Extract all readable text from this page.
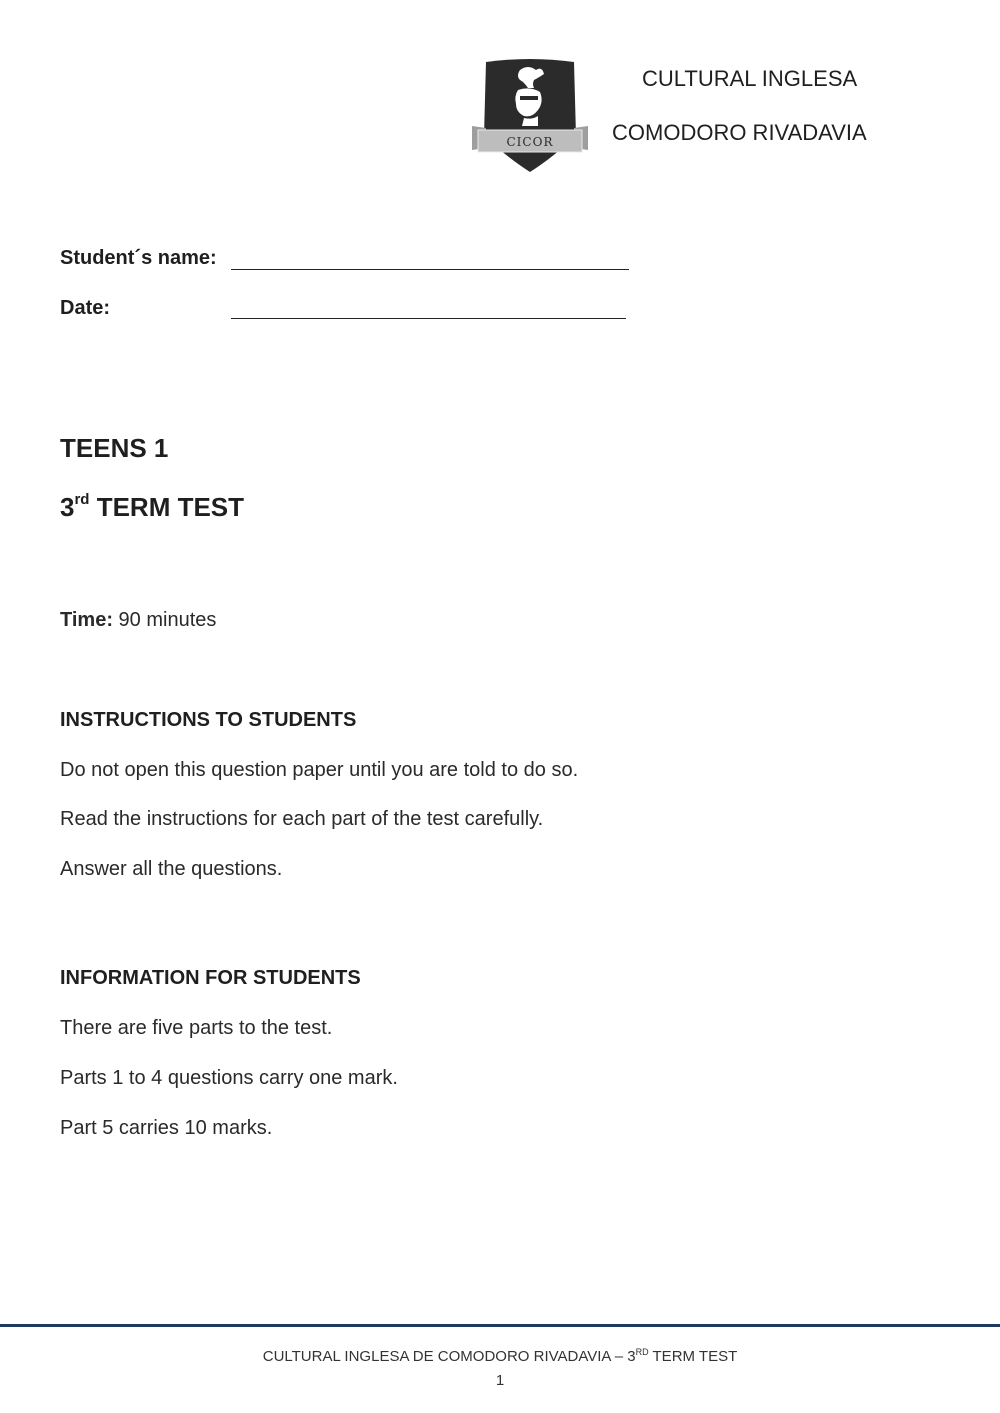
CICOR
CULTURAL INGLESA
COMODORO RIVADAVIA
Student´s name:
Date:
TEENS 1
3rd TERM TEST
Time: 90 minutes
INSTRUCTIONS TO STUDENTS
Do not open this question paper until you are told to do so.
Read the instructions for each part of the test carefully.
Answer all the questions.
INFORMATION FOR STUDENTS
There are five parts to the test.
Parts 1 to 4 questions carry one mark.
Part 5 carries 10 marks.
CULTURAL INGLESA DE COMODORO RIVADAVIA – 3RD TERM TEST
1
